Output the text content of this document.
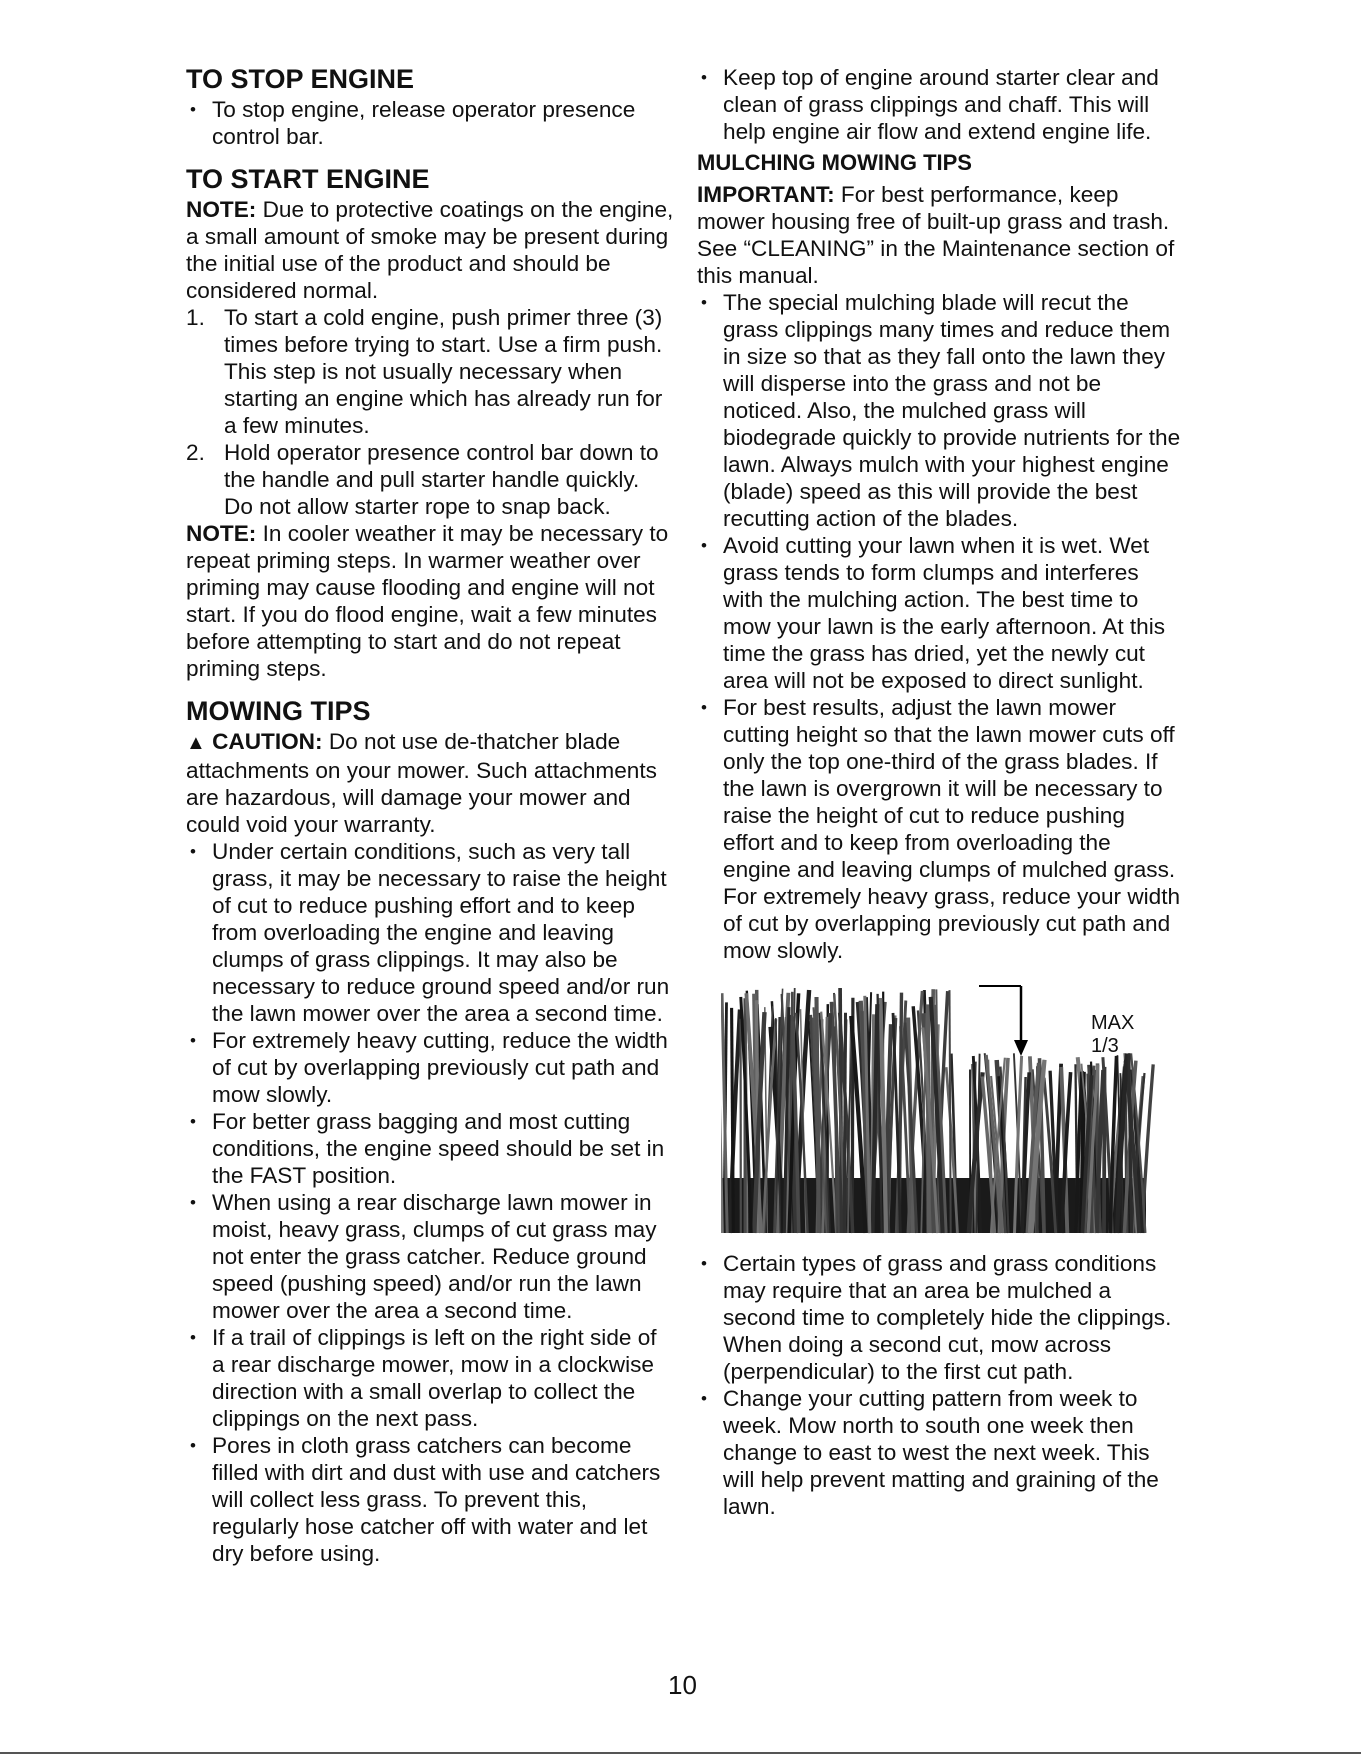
TO STOP ENGINE
• To stop engine, release operator presence control bar.
TO START ENGINE

NOTE: Due to protective coatings on the engine, a small amount of smoke may be present during the initial use of the product and should be considered normal.

1. To start a cold engine, push primer three (3) times before trying to start. Use a firm push. This step is not usually necessary when starting an engine which has already run for a few minutes.
2. Hold operator presence control bar down to the handle and pull starter handle quickly. Do not allow starter rope to snap back.

NOTE: In cooler weather it may be necessary to repeat priming steps. In warmer weather over priming may cause flooding and engine will not start. If you do flood engine, wait a few minutes before attempting to start and do not repeat priming steps.

MOWING TIPS

▲ CAUTION: Do not use de-thatcher blade attachments on your mower. Such attachments are hazardous, will damage your mower and could void your warranty.

• Under certain conditions, such as very tall grass, it may be necessary to raise the height of cut to reduce pushing effort and to keep from overloading the engine and leaving clumps of grass clippings. It may also be necessary to reduce ground speed and/or run the lawn mower over the area a second time.
• For extremely heavy cutting, reduce the width of cut by overlapping previously cut path and mow slowly.
• For better grass bagging and most cutting conditions, the engine speed should be set in the FAST position.
• When using a rear discharge lawn mower in moist, heavy grass, clumps of cut grass may not enter the grass catcher. Reduce ground speed (pushing speed) and/or run the lawn mower over the area a second time.
• If a trail of clippings is left on the right side of a rear discharge mower, mow in a clockwise direction with a small overlap to collect the clippings on the next pass.
• Pores in cloth grass catchers can become filled with dirt and dust with use and catchers will collect less grass. To prevent this, regularly hose catcher off with water and let dry before using.
• Keep top of engine around starter clear and clean of grass clippings and chaff. This will help engine air flow and extend engine life.
MULCHING MOWING TIPS

IMPORTANT: For best performance, keep mower housing free of built-up grass and trash. See “CLEANING” in the Maintenance section of this manual.

• The special mulching blade will recut the grass clippings many times and reduce them in size so that as they fall onto the lawn they will disperse into the grass and not be noticed. Also, the mulched grass will biodegrade quickly to provide nutrients for the lawn. Always mulch with your highest engine (blade) speed as this will provide the best recutting action of the blades.
• Avoid cutting your lawn when it is wet. Wet grass tends to form clumps and interferes with the mulching action. The best time to mow your lawn is the early afternoon. At this time the grass has dried, yet the newly cut area will not be exposed to direct sunlight.
• For best results, adjust the lawn mower cutting height so that the lawn mower cuts off only the top one-third of the grass blades. If the lawn is overgrown it will be necessary to raise the height of cut to reduce pushing effort and to keep from overloading the engine and leaving clumps of mulched grass. For extremely heavy grass, reduce your width of cut by overlapping previously cut path and mow slowly.
MAX 1/3
• Certain types of grass and grass conditions may require that an area be mulched a second time to completely hide the clippings. When doing a second cut, mow across (perpendicular) to the first cut path.
• Change your cutting pattern from week to week. Mow north to south one week then change to east to west the next week. This will help prevent matting and graining of the lawn.
10
